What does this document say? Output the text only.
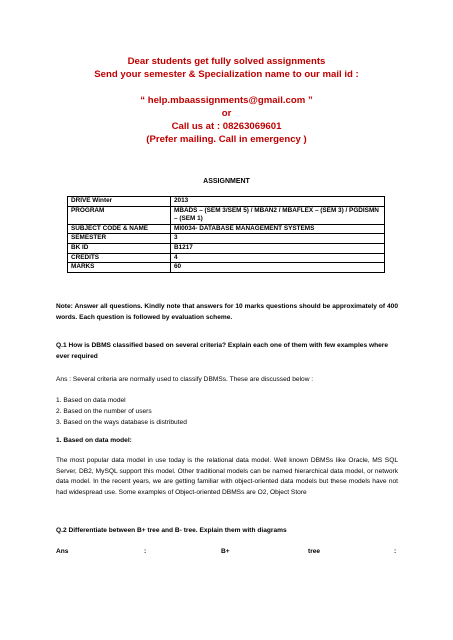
Dear students get fully solved assignments
Send your semester & Specialization name to our mail id :
“ help.mbaassignments@gmail.com ”
or
Call us at : 08263069601
(Prefer mailing. Call in emergency )
ASSIGNMENT
DRIVE Winter	2013
PROGRAM	MBADS – (SEM 3/SEM 5) / MBAN2 / MBAFLEX – (SEM 3) / PGDISMN – (SEM 1)
SUBJECT CODE & NAME	MI0034- DATABASE MANAGEMENT SYSTEMS
SEMESTER	3
BK ID	B1217
CREDITS	4
MARKS	60
Note: Answer all questions. Kindly note that answers for 10 marks questions should be approximately of 400 words. Each question is followed by evaluation scheme.
Q.1 How is DBMS classified based on several criteria? Explain each one of them with few examples where ever required
Ans : Several criteria are normally used to classify DBMSs. These are discussed below :
1. Based on data model
2. Based on the number of users
3. Based on the ways database is distributed
1. Based on data model:
The most popular data model in use today is the relational data model. Well known DBMSs like Oracle, MS SQL Server, DB2, MySQL support this model. Other traditional models can be named hierarchical data model, or network data model. In the recent years, we are getting familiar with object-oriented data models but these models have not had widespread use. Some examples of Object-oriented DBMSs are O2, Object Store
Q.2 Differentiate between B+ tree and B- tree. Explain them with diagrams
Ans	:	B+	tree	:
